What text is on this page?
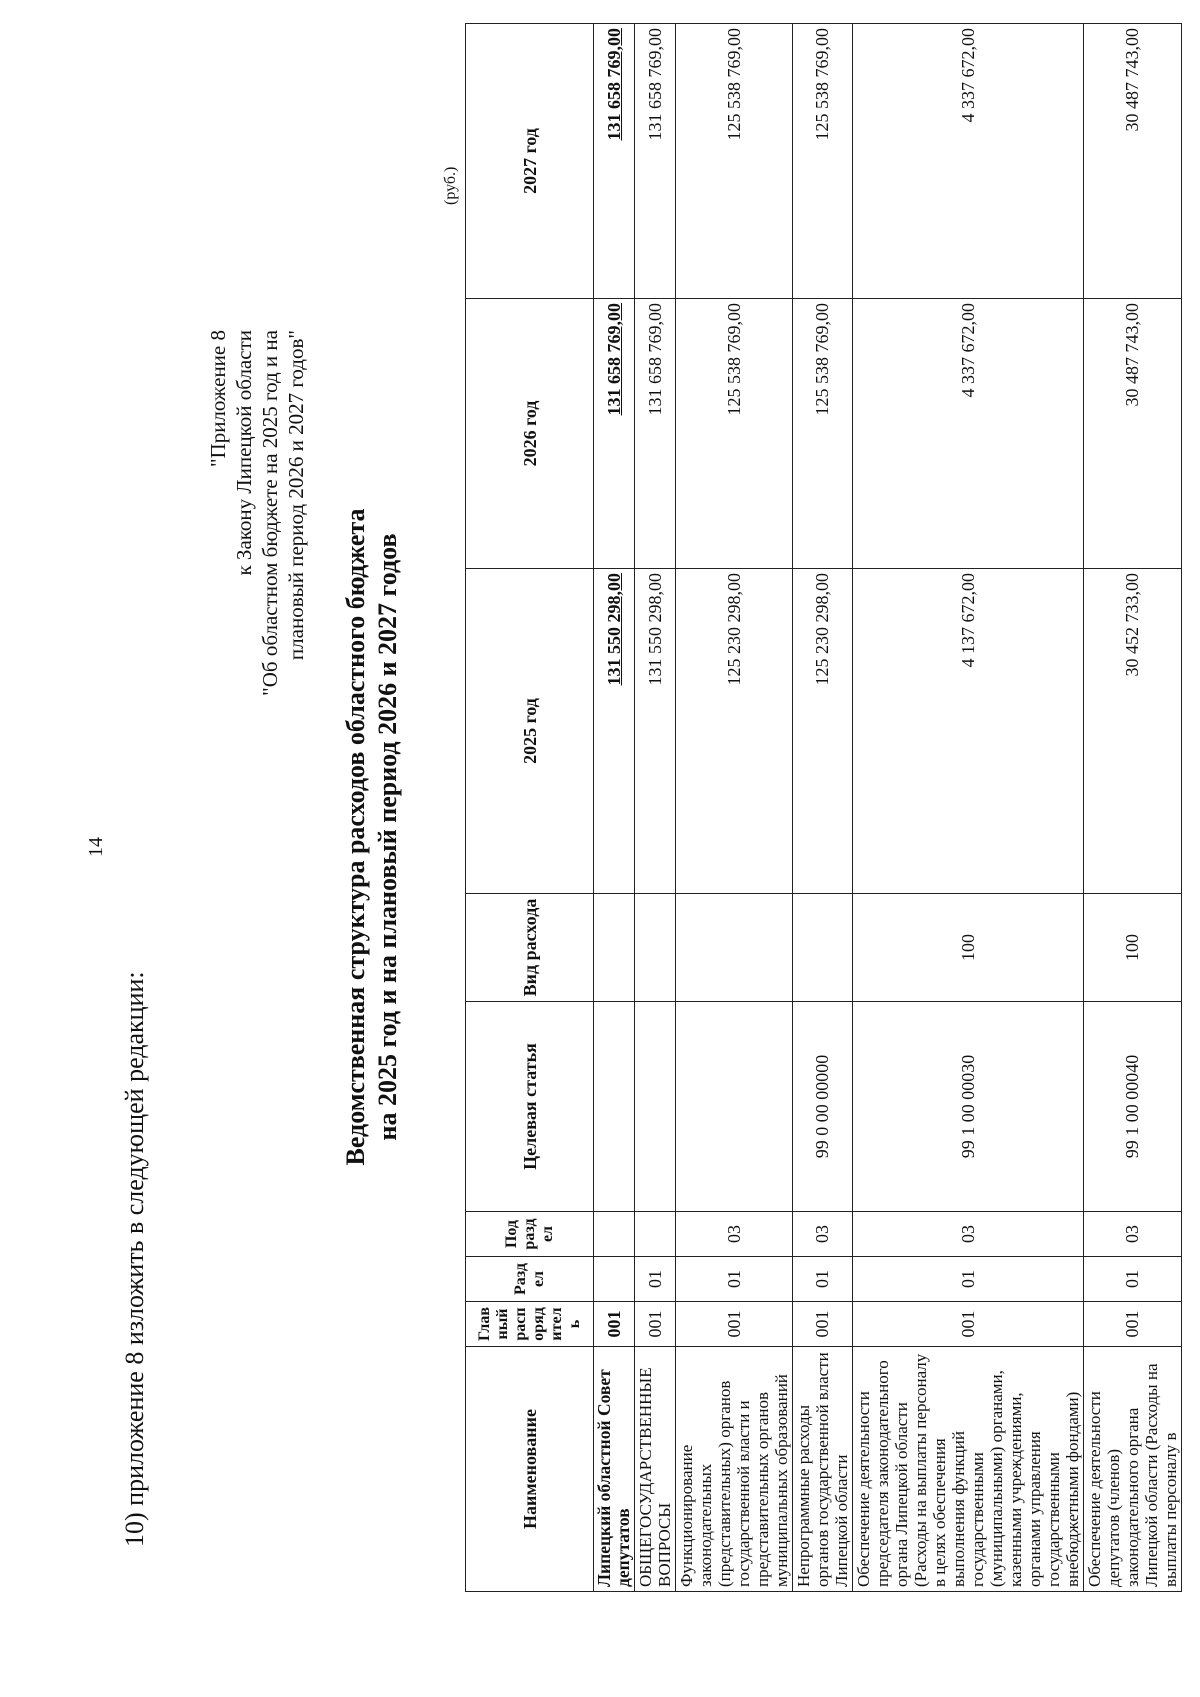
14
10) приложение 8 изложить в следующей редакции:
"Приложение 8 к Закону Липецкой области "Об областном бюджете на 2025 год и на плановый период 2026 и 2027 годов"
Ведомственная структура расходов областного бюджета на 2025 год и на плановый период 2026 и 2027 годов
(руб.)
Наименование	Главный распорядитель	Раздел	Подраздел	Целевая статья	Вид расхода	2025 год	2026 год	2027 год
Липецкий областной Совет депутатов	001					131 550 298,00	131 658 769,00	131 658 769,00
ОБЩЕГОСУДАРСТВЕННЫЕ ВОПРОСЫ	001	01				131 550 298,00	131 658 769,00	131 658 769,00
Функционирование законодательных (представительных) органов государственной власти и представительных органов муниципальных образований	001	01	03			125 230 298,00	125 538 769,00	125 538 769,00
Непрограммные расходы органов государственной власти Липецкой области	001	01	03	99 0 00 00000		125 230 298,00	125 538 769,00	125 538 769,00
Обеспечение деятельности председателя законодательного органа Липецкой области (Расходы на выплаты персоналу в целях обеспечения выполнения функций государственными (муниципальными) органами, казенными учреждениями, органами управления государственными внебюджетными фондами)	001	01	03	99 1 00 00030	100	4 137 672,00	4 337 672,00	4 337 672,00
Обеспечение деятельности депутатов (членов) законодательного органа Липецкой области (Расходы на выплаты персоналу в	001	01	03	99 1 00 00040	100	30 452 733,00	30 487 743,00	30 487 743,00
